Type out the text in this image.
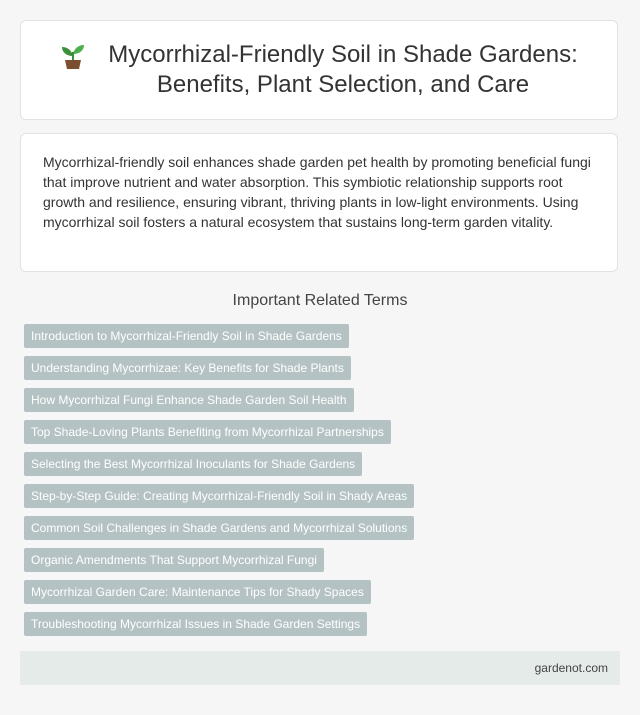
Mycorrhizal-Friendly Soil in Shade Gardens: Benefits, Plant Selection, and Care

Mycorrhizal-friendly soil enhances shade garden pet health by promoting beneficial fungi that improve nutrient and water absorption. This symbiotic relationship supports root growth and resilience, ensuring vibrant, thriving plants in low-light environments. Using mycorrhizal soil fosters a natural ecosystem that sustains long-term garden vitality.

Important Related Terms
Introduction to Mycorrhizal-Friendly Soil in Shade Gardens
Understanding Mycorrhizae: Key Benefits for Shade Plants
How Mycorrhizal Fungi Enhance Shade Garden Soil Health
Top Shade-Loving Plants Benefiting from Mycorrhizal Partnerships
Selecting the Best Mycorrhizal Inoculants for Shade Gardens
Step-by-Step Guide: Creating Mycorrhizal-Friendly Soil in Shady Areas
Common Soil Challenges in Shade Gardens and Mycorrhizal Solutions
Organic Amendments That Support Mycorrhizal Fungi
Mycorrhizal Garden Care: Maintenance Tips for Shady Spaces
Troubleshooting Mycorrhizal Issues in Shade Garden Settings
gardenot.com
